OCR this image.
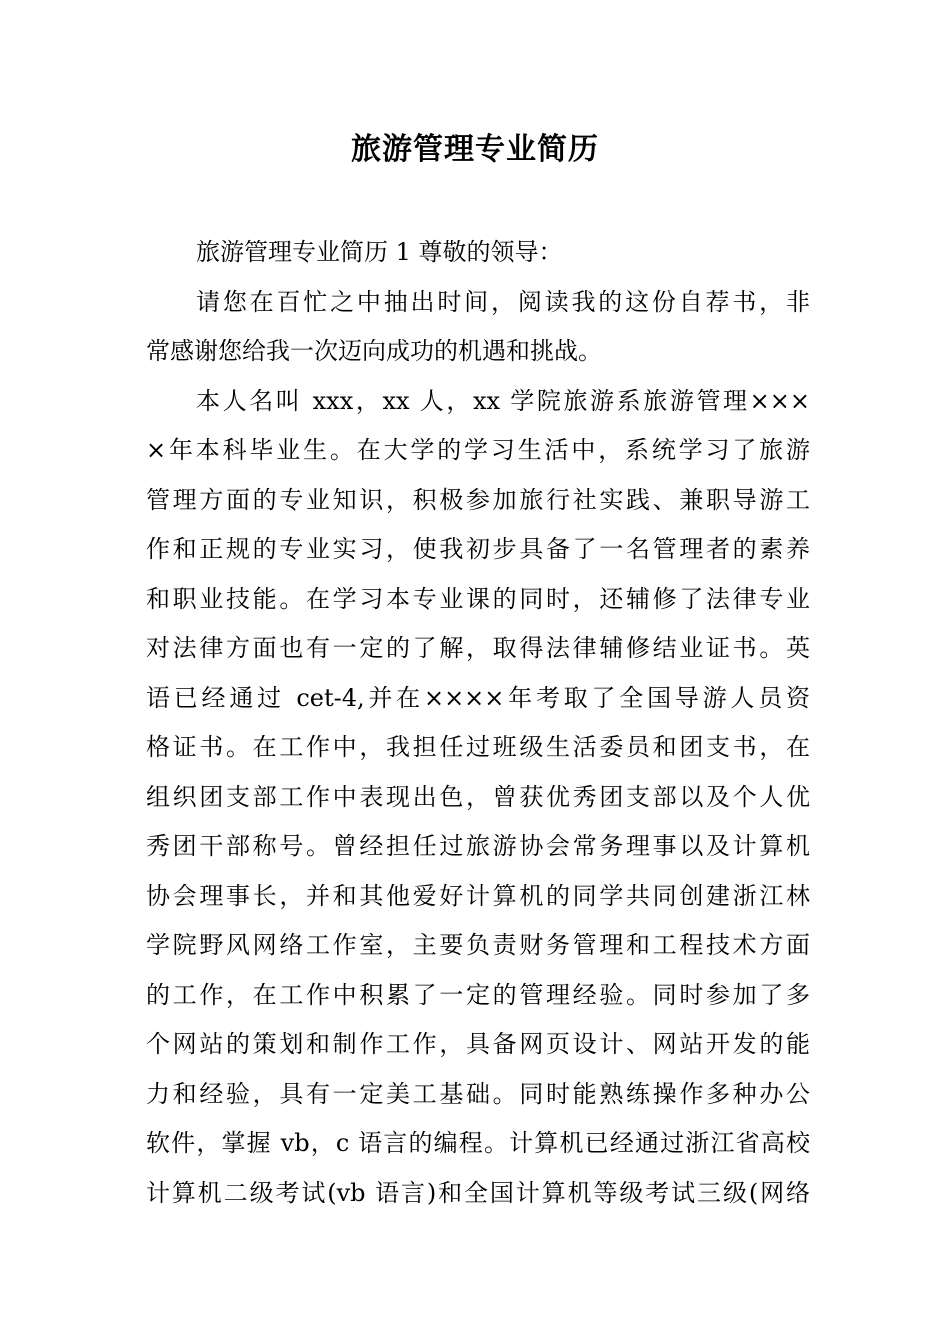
旅游管理专业简历
旅游管理专业简历 1 尊敬的领导：
请您在百忙之中抽出时间，阅读我的这份自荐书，非
常感谢您给我一次迈向成功的机遇和挑战。
本人名叫 xxx，xx 人，xx 学院旅游系旅游管理×××
×年本科毕业生。在大学的学习生活中，系统学习了旅游
管理方面的专业知识，积极参加旅行社实践、兼职导游工
作和正规的专业实习，使我初步具备了一名管理者的素养
和职业技能。在学习本专业课的同时，还辅修了法律专业
对法律方面也有一定的了解，取得法律辅修结业证书。英
语已经通过 cet-4,并在××××年考取了全国导游人员资
格证书。在工作中，我担任过班级生活委员和团支书，在
组织团支部工作中表现出色，曾获优秀团支部以及个人优
秀团干部称号。曾经担任过旅游协会常务理事以及计算机
协会理事长，并和其他爱好计算机的同学共同创建浙江林
学院野风网络工作室，主要负责财务管理和工程技术方面
的工作，在工作中积累了一定的管理经验。同时参加了多
个网站的策划和制作工作，具备网页设计、网站开发的能
力和经验，具有一定美工基础。同时能熟练操作多种办公
软件，掌握 vb，c 语言的编程。计算机已经通过浙江省高校
计算机二级考试(vb 语言)和全国计算机等级考试三级(网络
